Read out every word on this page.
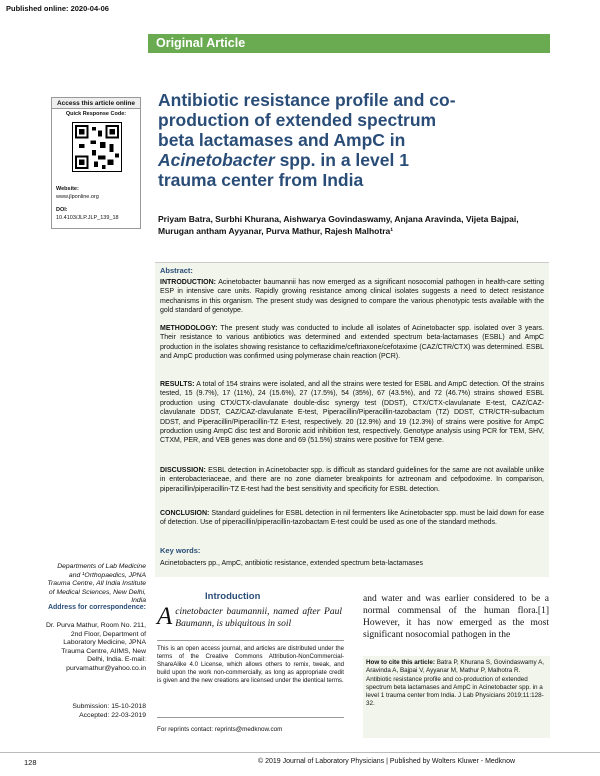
Published online: 2020-04-06
Original Article
Access this article online
Quick Response Code:
Website:
www.jlponline.org
DOI:
10.4103/JLP.JLP_139_18
Antibiotic resistance profile and co-production of extended spectrum beta lactamases and AmpC in Acinetobacter spp. in a level 1 trauma center from India
Priyam Batra, Surbhi Khurana, Aishwarya Govindaswamy, Anjana Aravinda, Vijeta Bajpai, Murugan antham Ayyanar, Purva Mathur, Rajesh Malhotra¹
Abstract:
INTRODUCTION: Acinetobacter baumannii has now emerged as a significant nosocomial pathogen in health-care setting ESP in intensive care units. Rapidly growing resistance among clinical isolates suggests a need to detect resistance mechanisms in this organism. The present study was designed to compare the various phenotypic tests available with the gold standard of genotype.
METHODOLOGY: The present study was conducted to include all isolates of Acinetobacter spp. isolated over 3 years. Their resistance to various antibiotics was determined and extended spectrum beta-lactamases (ESBL) and AmpC production in the isolates showing resistance to ceftazidime/ceftriaxone/cefotaxime (CAZ/CTR/CTX) was determined. ESBL and AmpC production was confirmed using polymerase chain reaction (PCR).
RESULTS: A total of 154 strains were isolated, and all the strains were tested for ESBL and AmpC detection. Of the strains tested, 15 (9.7%), 17 (11%), 24 (15.6%), 27 (17.5%), 54 (35%), 67 (43.5%), and 72 (46.7%) strains showed ESBL production using CTX/CTX-clavulanate double-disc synergy test (DDST), CTX/CTX-clavulanate E-test, CAZ/CAZ-clavulanate DDST, CAZ/CAZ-clavulanate E-test, Piperacillin/Piperacillin-tazobactam (TZ) DDST, CTR/CTR-sulbactum DDST, and Piperacillin/Piperacillin-TZ E-test, respectively. 20 (12.9%) and 19 (12.3%) of strains were positive for AmpC production using AmpC disc test and Boronic acid inhibition test, respectively. Genotype analysis using PCR for TEM, SHV, CTXM, PER, and VEB genes was done and 69 (51.5%) strains were positive for TEM gene.
DISCUSSION: ESBL detection in Acinetobacter spp. is difficult as standard guidelines for the same are not available unlike in enterobacteriaceae, and there are no zone diameter breakpoints for aztreonam and cefpodoxime. In comparison, piperacillin/piperacillin-TZ E-test had the best sensitivity and specificity for ESBL detection.
CONCLUSION: Standard guidelines for ESBL detection in nil fermenters like Acinetobacter spp. must be laid down for ease of detection. Use of piperacillin/piperacillin-tazobactam E-test could be used as one of the standard methods.
Key words:
Acinetobacters pp., AmpC, antibiotic resistance, extended spectrum beta-lactamases
Departments of Lab Medicine and ¹Orthopaedics, JPNA Trauma Centre, All India Institute of Medical Sciences, New Delhi, India
Address for correspondence:
Dr. Purva Mathur, Room No. 211, 2nd Floor, Department of Laboratory Medicine, JPNA Trauma Centre, AIIMS, New Delhi, India. E-mail: purvamathur@yahoo.co.in
Submission: 15-10-2018
Accepted: 22-03-2019
Introduction
Acinetobacter baumannii, named after Paul Baumann, is ubiquitous in soil
and water and was earlier considered to be a normal commensal of the human flora.[1] However, it has now emerged as the most significant nosocomial pathogen in the
This is an open access journal, and articles are distributed under the terms of the Creative Commons Attribution-NonCommercial-ShareAlike 4.0 License, which allows others to remix, tweak, and build upon the work non-commercially, as long as appropriate credit is given and the new creations are licensed under the identical terms.
For reprints contact: reprints@medknow.com
How to cite this article: Batra P, Khurana S, Govindaswamy A, Aravinda A, Bajpai V, Ayyanar M, Mathur P, Malhotra R. Antibiotic resistance profile and co-production of extended spectrum beta lactamases and AmpC in Acinetobacter spp. in a level 1 trauma center from India. J Lab Physicians 2019;11:128-32.
128	© 2019 Journal of Laboratory Physicians | Published by Wolters Kluwer - Medknow
